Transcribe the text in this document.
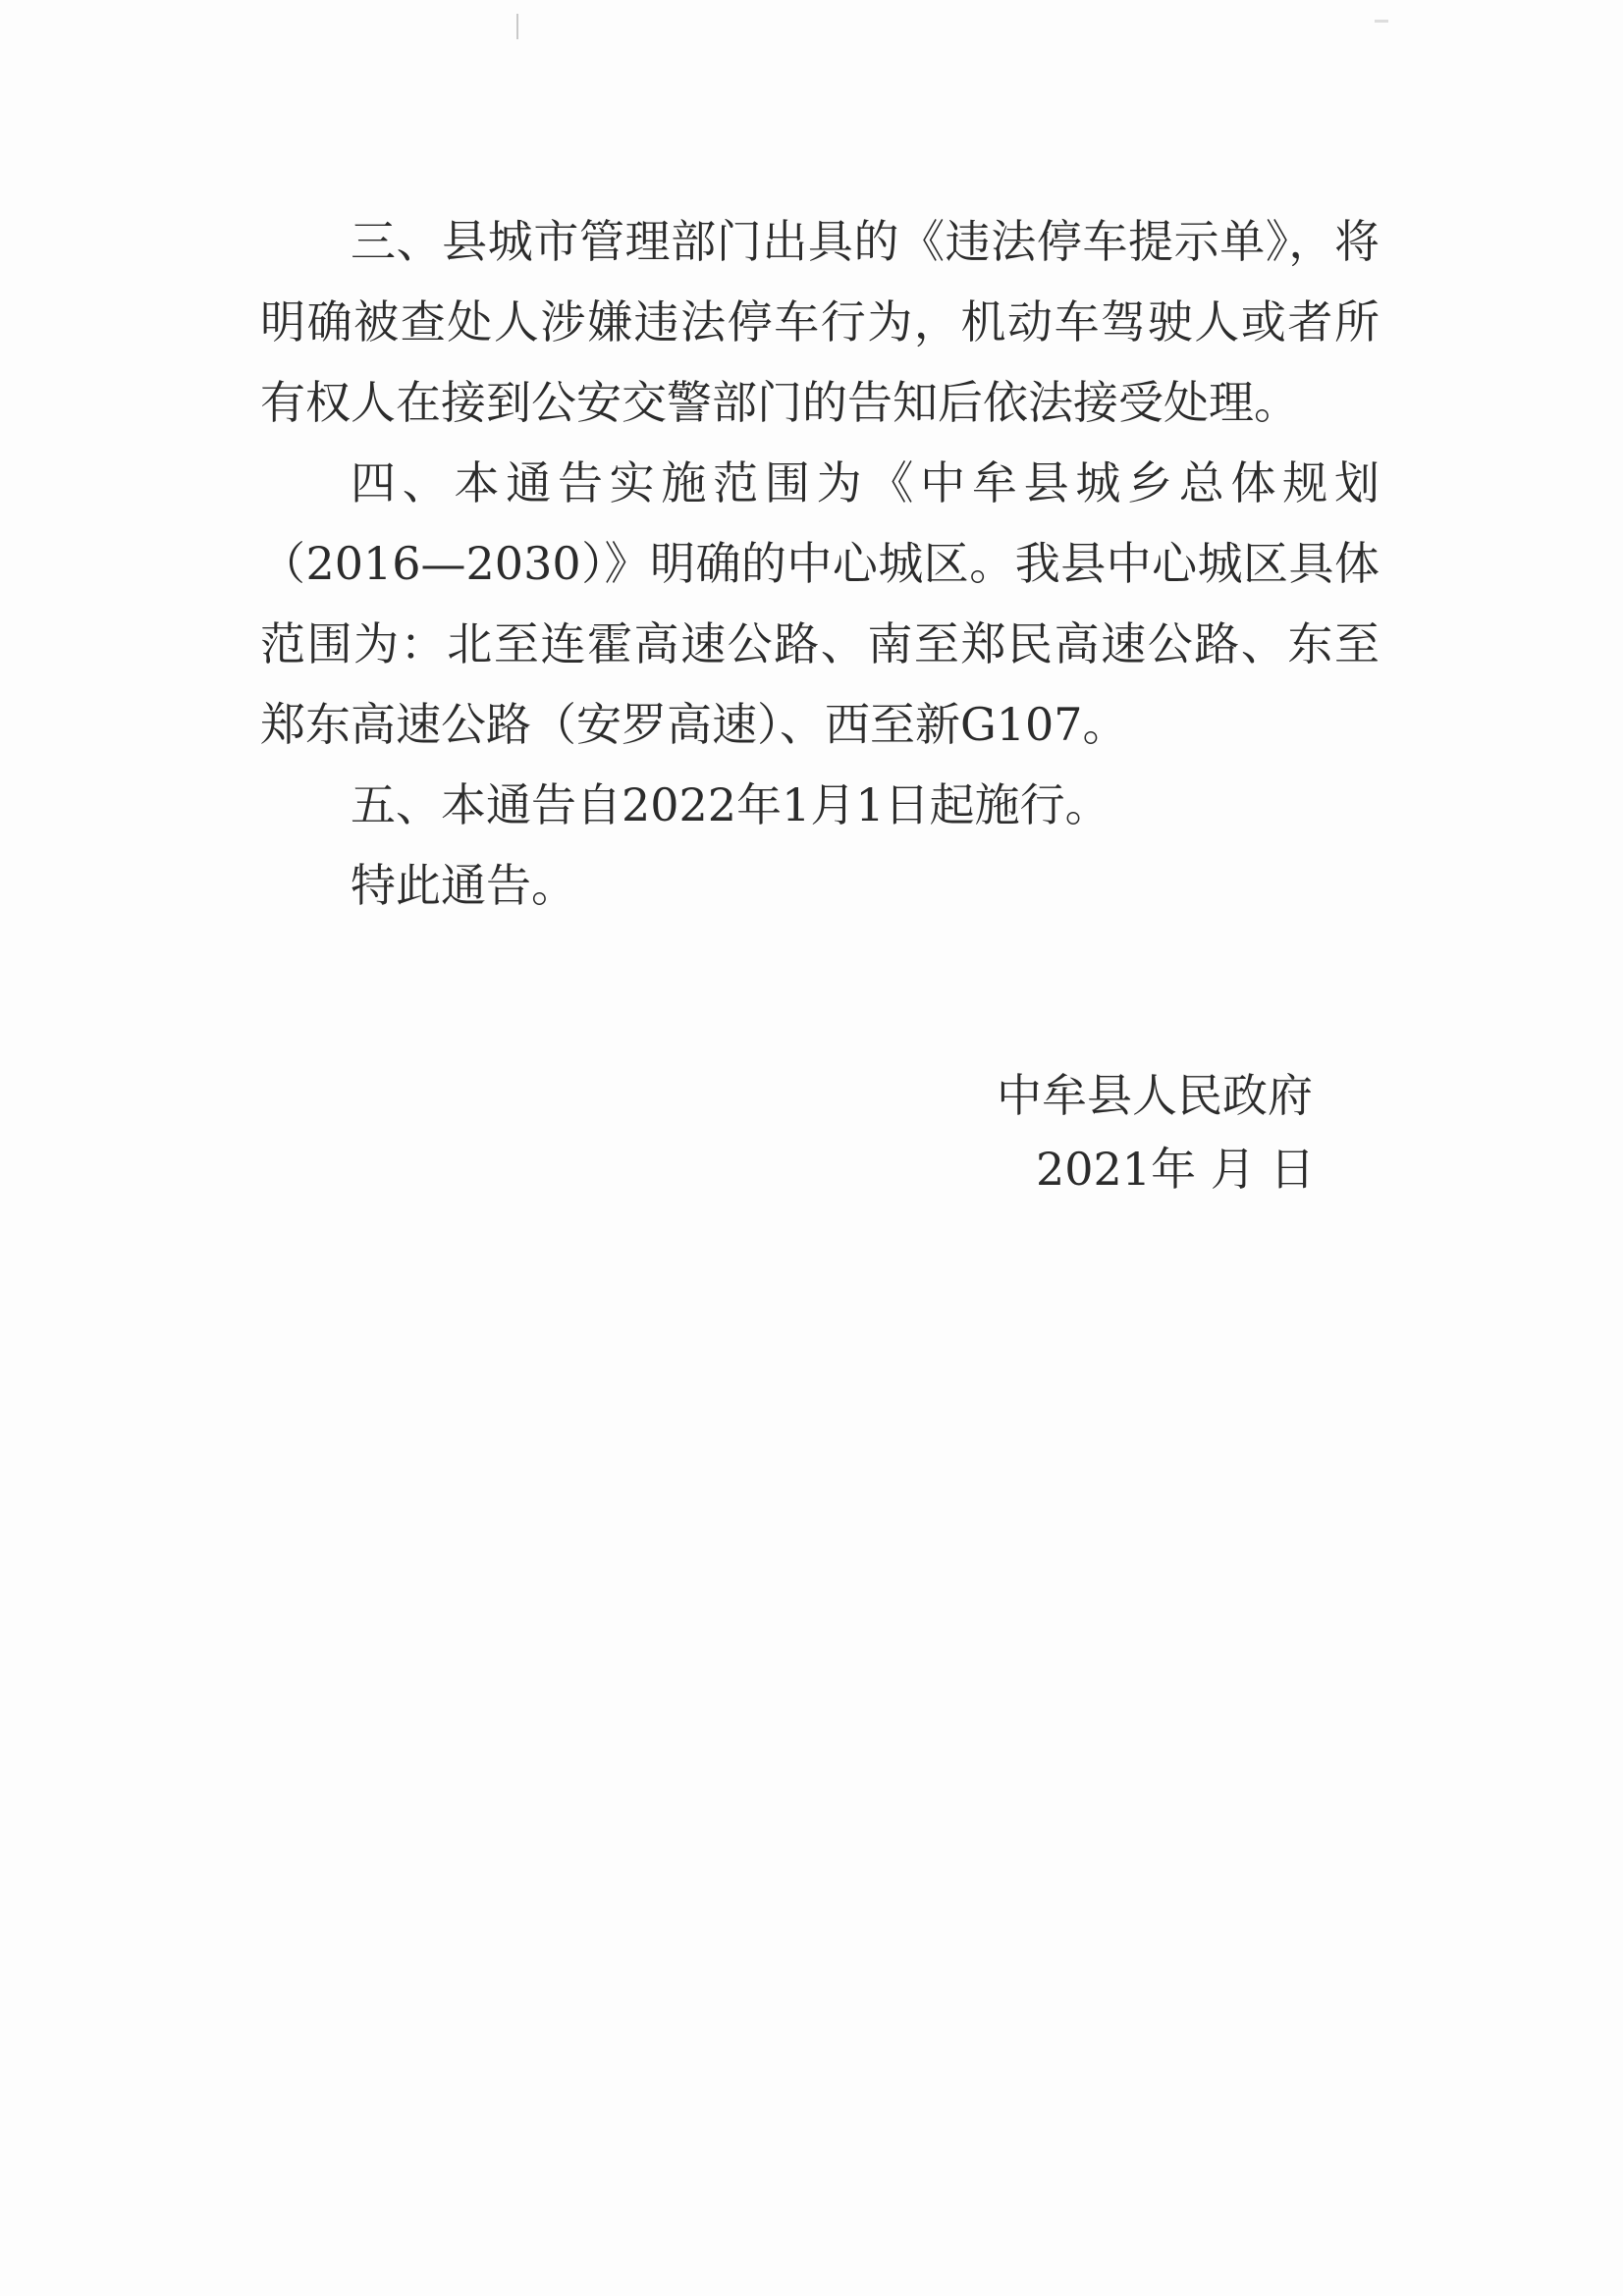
三、县城市管理部门出具的《违法停车提示单》，将明确被查处人涉嫌违法停车行为，机动车驾驶人或者所有权人在接到公安交警部门的告知后依法接受处理。

四、本通告实施范围为《中牟县城乡总体规划（2016—2030）》明确的中心城区。我县中心城区具体范围为：北至连霍高速公路、南至郑民高速公路、东至郑东高速公路（安罗高速）、西至新G107。

五、本通告自2022年1月1日起施行。

特此通告。

中牟县人民政府
2021年 月 日
